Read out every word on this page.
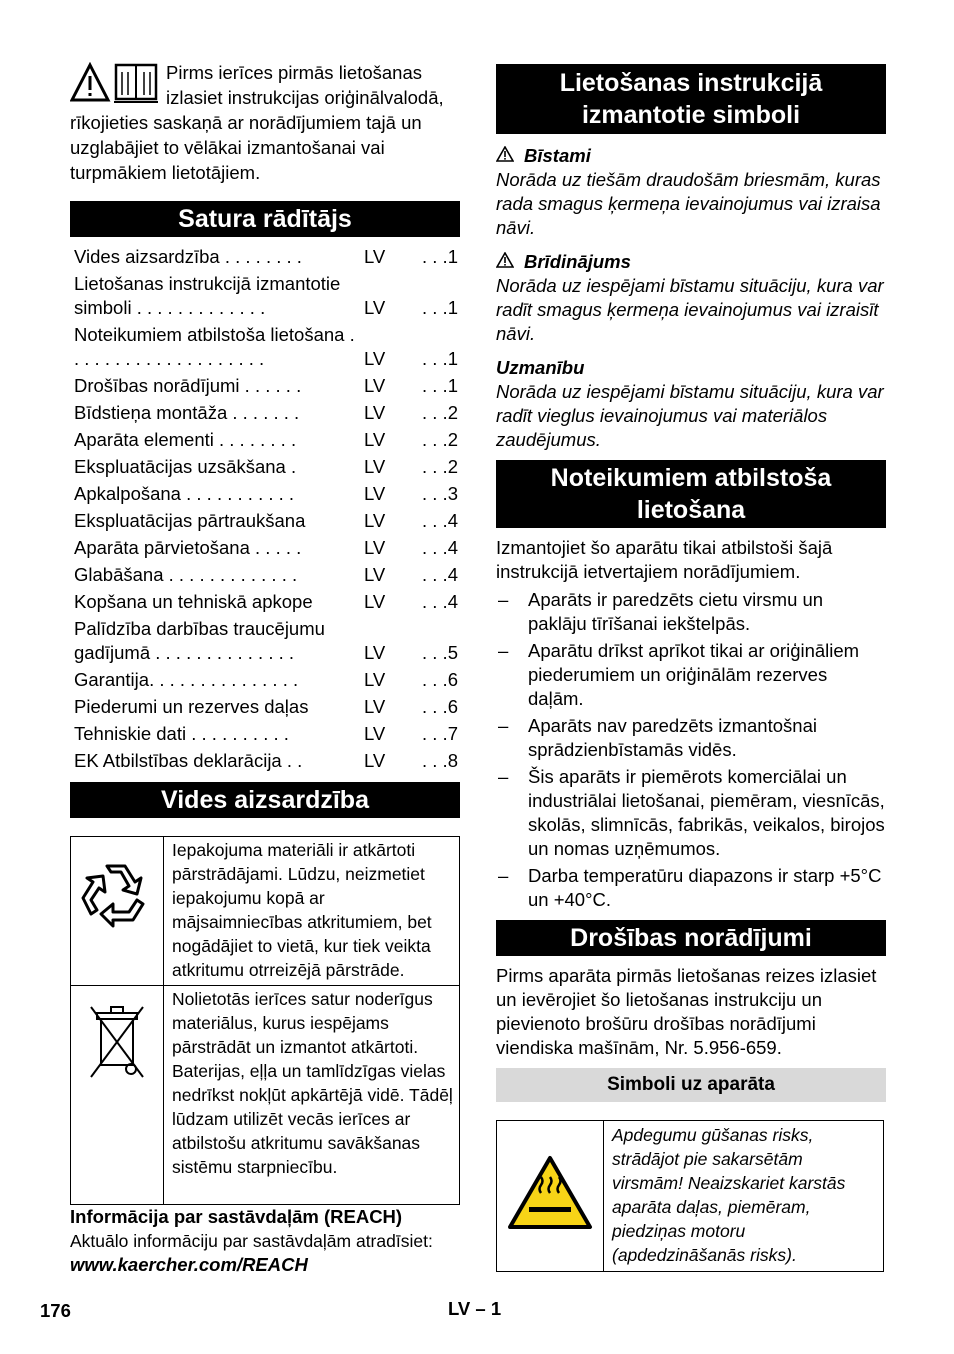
Pirms ierīces pirmās lietošanas izlasiet instrukcijas oriģinālvalodā, rīkojieties saskaņā ar norādījumiem tajā un uzglabājiet to vēlākai izmantošanai vai turpmākiem lietotājiem.
Satura rādītājs
Vides aizsardzība . . . . . . . .	LV	. . .1
Lietošanas instrukcijā izmantotie simboli . . . . . . . . . . . . .	LV	. . .1
Noteikumiem atbilstoša lietošana . . . . . . . . . . . . . . . . . . . .	LV	. . .1
Drošības norādījumi . . . . . .	LV	. . .1
Bīdstieņa montāža . . . . . . .	LV	. . .2
Aparāta elementi . . . . . . . .	LV	. . .2
Ekspluatācijas uzsākšana .	LV	. . .2
Apkalpošana . . . . . . . . . . .	LV	. . .3
Ekspluatācijas pārtraukšana	LV	. . .4
Aparāta pārvietošana . . . . .	LV	. . .4
Glabāšana . . . . . . . . . . . . .	LV	. . .4
Kopšana un tehniskā apkope	LV	. . .4
Palīdzība darbības traucējumu gadījumā . . . . . . . . . . . . . .	LV	. . .5
Garantija. . . . . . . . . . . . . . .	LV	. . .6
Piederumi un rezerves daļas	LV	. . .6
Tehniskie dati . . . . . . . . . .	LV	. . .7
EK Atbilstības deklarācija . .	LV	. . .8
Vides aizsardzība
	Iepakojuma materiāli ir atkārtoti pārstrādājami. Lūdzu, neizmetiet iepakojumu kopā ar mājsaimniecības atkritumiem, bet nogādājiet to vietā, kur tiek veikta atkritumu otrreizējā pārstrāde.
	Nolietotās ierīces satur noderīgus materiālus, kurus iespējams pārstrādāt un izmantot atkārtoti. Baterijas, eļļa un tamlīdzīgas vielas nedrīkst nokļūt apkārtējā vidē. Tādēļ lūdzam utilizēt vecās ierīces ar atbilstošu atkritumu savākšanas sistēmu starpniecību.
Informācija par sastāvdaļām (REACH)
Aktuālo informāciju par sastāvdaļām atradīsiet:
www.kaercher.com/REACH
Lietošanas instrukcijā izmantotie simboli
Bīstami
Norāda uz tiešām draudošām briesmām, kuras rada smagus ķermeņa ievainojumus vai izraisa nāvi.
Brīdinājums
Norāda uz iespējami bīstamu situāciju, kura var radīt smagus ķermeņa ievainojumus vai izraisīt nāvi.
Uzmanību
Norāda uz iespējami bīstamu situāciju, kura var radīt vieglus ievainojumus vai materiālos zaudējumus.
Noteikumiem atbilstoša lietošana
Izmantojiet šo aparātu tikai atbilstoši šajā instrukcijā ietvertajiem norādījumiem.
– Aparāts ir paredzēts cietu virsmu un paklāju tīrīšanai iekštelpās.
– Aparātu drīkst aprīkot tikai ar oriģināliem piederumiem un oriģinālām rezerves daļām.
– Aparāts nav paredzēts izmantošnai sprādzienbīstamās vidēs.
– Šis aparāts ir piemērots komerciālai un industriālai lietošanai, piemēram, viesnīcās, skolās, slimnīcās, fabrikās, veikalos, birojos un nomas uzņēmumos.
– Darba temperatūru diapazons ir starp +5°C un +40°C.
Drošības norādījumi
Pirms aparāta pirmās lietošanas reizes izlasiet un ievērojiet šo lietošanas instrukciju un pievienoto brošūru drošības norādījumi viendiska mašīnām, Nr. 5.956-659.
Simboli uz aparāta
	Apdegumu gūšanas risks, strādājot pie sakarsētām virsmām! Neaizskariet karstās aparāta daļas, piemēram, piedziņas motoru (apdedzināšanās risks).
176	LV – 1
